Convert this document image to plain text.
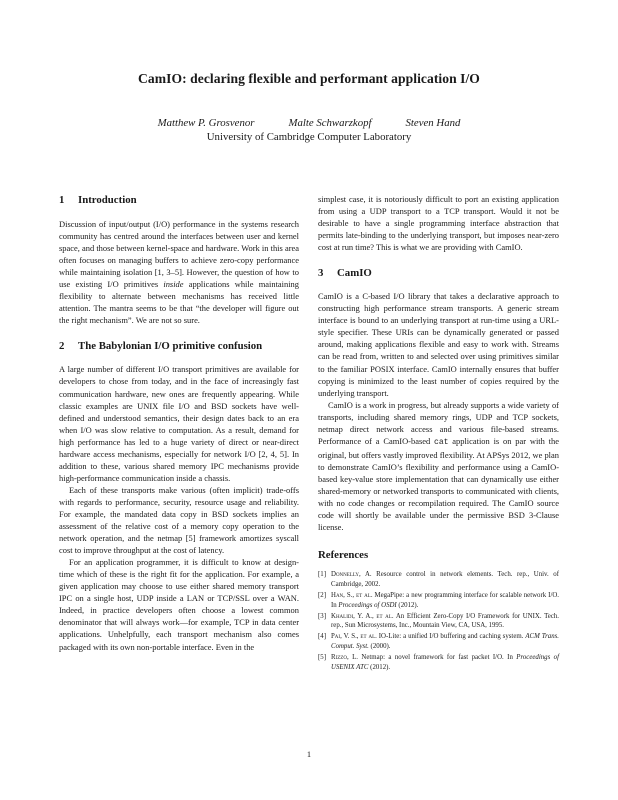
CamIO: declaring flexible and performant application I/O
Matthew P. Grosvenor	Malte Schwarzkopf	Steven Hand
University of Cambridge Computer Laboratory
1 Introduction

Discussion of input/output (I/O) performance in the systems research community has centred around the interfaces between user and kernel space, and those between kernel-space and hardware. Work in this area often focuses on managing buffers to achieve zero-copy performance while maintaining isolation [1, 3–5]. However, the question of how to use existing I/O primitives inside applications while maintaining flexibility to alternate between mechanisms has received little attention. The mantra seems to be that “the developer will figure out the right mechanism”. We are not so sure.

2 The Babylonian I/O primitive confusion

A large number of different I/O transport primitives are available for developers to chose from today, and in the face of increasingly fast communication hardware, new ones are frequently appearing. While classic examples are UNIX file I/O and BSD sockets have well-defined and understood semantics, their design dates back to an era when I/O was slow relative to computation. As a result, demand for high performance has led to a huge variety of direct or near-direct hardware access mechanisms, especially for network I/O [2, 4, 5]. In addition to these, various shared memory IPC mechanisms provide high-performance communication inside a chassis.

Each of these transports make various (often implicit) trade-offs with regards to performance, security, resource usage and reliability. For example, the mandated data copy in BSD sockets implies an assessment of the relative cost of a memory copy operation to the network operation, and the netmap [5] framework amortizes syscall cost to improve throughput at the cost of latency.

For an application programmer, it is difficult to know at design-time which of these is the right fit for the application. For example, a given application may choose to use either shared memory transport IPC on a single host, UDP inside a LAN or TCP/SSL over a WAN. Indeed, in practice developers often choose a lowest common denominator that will always work—for example, TCP in data center applications. Unhelpfully, each transport mechanism also comes packaged with its own non-portable interface. Even in the

simplest case, it is notoriously difficult to port an existing application from using a UDP transport to a TCP transport. Would it not be desirable to have a single programming interface abstraction that permits late-binding to the underlying transport, but imposes near-zero cost at run time? This is what we are providing with CamIO.

3 CamIO

CamIO is a C-based I/O library that takes a declarative approach to constructing high performance stream transports. A generic stream interface is bound to an underlying transport at run-time using a URL-style specifier. These URIs can be dynamically generated or passed around, making applications flexible and easy to work with. Streams can be read from, written to and selected over using primitives similar to the familiar POSIX interface. CamIO internally ensures that buffer copying is minimized to the least number of copies required by the underlying transport.

CamIO is a work in progress, but already supports a wide variety of transports, including shared memory rings, UDP and TCP sockets, netmap direct network access and various file-based streams. Performance of a CamIO-based cat application is on par with the original, but offers vastly improved flexibility. At APSys 2012, we plan to demonstrate CamIO’s flexibility and performance using a CamIO-based key-value store implementation that can dynamically use either shared-memory or networked transports to communicated with clients, with no code changes or recompilation required. The CamIO source code will shortly be available under the permissive BSD 3-Clause license.

References
[1] Donnelly, A. Resource control in network elements. Tech. rep., Univ. of Cambridge, 2002.
[2] Han, S., et al. MegaPipe: a new programming interface for scalable network I/O. In Proceedings of OSDI (2012).
[3] Khalidi, Y. A., et al. An Efficient Zero-Copy I/O Framework for UNIX. Tech. rep., Sun Microsystems, Inc., Mountain View, CA, USA, 1995.
[4] Pai, V. S., et al. IO-Lite: a unified I/O buffering and caching system. ACM Trans. Comput. Syst. (2000).
[5] Rizzo, L. Netmap: a novel framework for fast packet I/O. In Proceedings of USENIX ATC (2012).
1
